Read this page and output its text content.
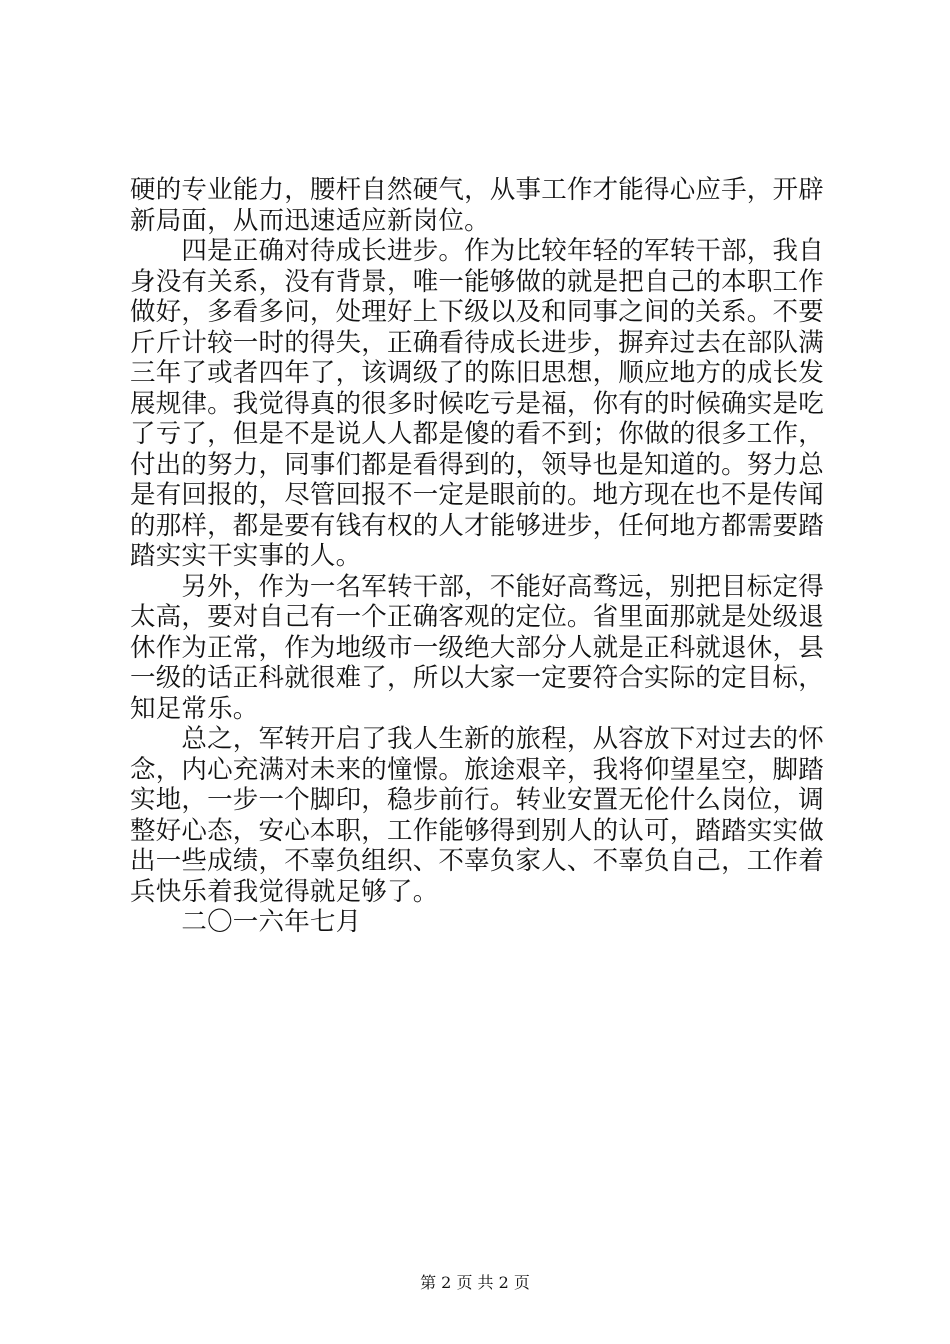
硬的专业能力，腰杆自然硬气，从事工作才能得心应手，开辟

新局面，从而迅速适应新岗位。

　　四是正确对待成长进步。作为比较年轻的军转干部，我自

身没有关系，没有背景，唯一能够做的就是把自己的本职工作

做好，多看多问，处理好上下级以及和同事之间的关系。不要

斤斤计较一时的得失，正确看待成长进步，摒弃过去在部队满

三年了或者四年了，该调级了的陈旧思想，顺应地方的成长发

展规律。我觉得真的很多时候吃亏是福，你有的时候确实是吃

了亏了，但是不是说人人都是傻的看不到；你做的很多工作，

付出的努力，同事们都是看得到的，领导也是知道的。努力总

是有回报的，尽管回报不一定是眼前的。地方现在也不是传闻

的那样，都是要有钱有权的人才能够进步，任何地方都需要踏

踏实实干实事的人。

　　另外，作为一名军转干部，不能好高骛远，别把目标定得

太高，要对自己有一个正确客观的定位。省里面那就是处级退

休作为正常，作为地级市一级绝大部分人就是正科就退休，县

一级的话正科就很难了，所以大家一定要符合实际的定目标，

知足常乐。

　　总之，军转开启了我人生新的旅程，从容放下对过去的怀

念，内心充满对未来的憧憬。旅途艰辛，我将仰望星空，脚踏

实地，一步一个脚印，稳步前行。转业安置无伦什么岗位，调

整好心态，安心本职，工作能够得到别人的认可，踏踏实实做

出一些成绩，不辜负组织、不辜负家人、不辜负自己，工作着

兵快乐着我觉得就足够了。

　　二〇一六年七月

第 2 页 共 2 页
